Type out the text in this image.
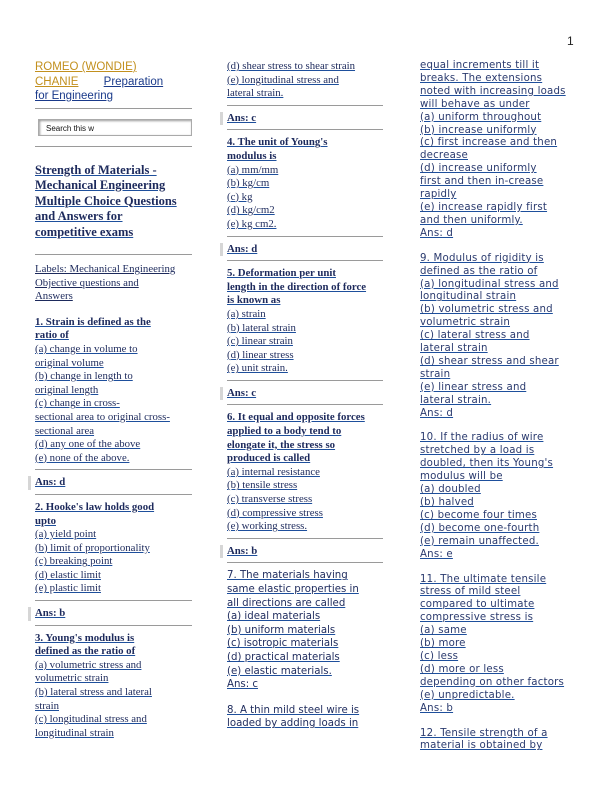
1
ROMEO (WONDIE)
CHANIE Preparation
for Engineering
Search this w

Strength of Materials -

Mechanical Engineering

Multiple Choice Questions

and Answers for

competitive exams

Labels: Mechanical Engineering

Objective questions and

Answers

1. Strain is defined as the

ratio of

(a) change in volume to

original volume

(b) change in length to

original length

(c) change in cross-

sectional area to original cross-

sectional area

(d) any one of the above

(e) none of the above.

Ans: d

2. Hooke's law holds good

upto

(a) yield point

(b) limit of proportionality

(c) breaking point

(d) elastic limit

(e) plastic limit

Ans: b

3. Young's modulus is

defined as the ratio of

(a) volumetric stress and

volumetric strain

(b) lateral stress and lateral

strain

(c) longitudinal stress and

longitudinal strain

(d) shear stress to shear strain

(e) longitudinal stress and

lateral strain.

Ans: c

4. The unit of Young's

modulus is

(a) mm/mm

(b) kg/cm

(c) kg

(d) kg/cm2

(e) kg cm2.

Ans: d

5. Deformation per unit

length in the direction of force

is known as

(a) strain

(b) lateral strain

(c) linear strain

(d) linear stress

(e) unit strain.

Ans: c

6. It equal and opposite forces

applied to a body tend to

elongate it, the stress so

produced is called

(a) internal resistance

(b) tensile stress

(c) transverse stress

(d) compressive stress

(e) working stress.

Ans: b

7. The materials having

same elastic properties in

all directions are called

(a) ideal materials

(b) uniform materials

(c) isotropic materials

(d) practical materials

(e) elastic materials.

Ans: c

8. A thin mild steel wire is

loaded by adding loads in

equal increments till it

breaks. The extensions

noted with increasing loads

will behave as under

(a) uniform throughout

(b) increase uniformly

(c) first increase and then

decrease

(d) increase uniformly

first and then in-crease

rapidly

(e) increase rapidly first

and then uniformly.

Ans: d

9. Modulus of rigidity is

defined as the ratio of

(a) longitudinal stress and

longitudinal strain

(b) volumetric stress and

volumetric strain

(c) lateral stress and

lateral strain

(d) shear stress and shear

strain

(e) linear stress and

lateral strain.

Ans: d

10. If the radius of wire

stretched by a load is

doubled, then its Young's

modulus will be

(a) doubled

(b) halved

(c) become four times

(d) become one-fourth

(e) remain unaffected.

Ans: e

11. The ultimate tensile

stress of mild steel

compared to ultimate

compressive stress is

(a) same

(b) more

(c) less

(d) more or less

depending on other factors

(e) unpredictable.

Ans: b

12. Tensile strength of a

material is obtained by
